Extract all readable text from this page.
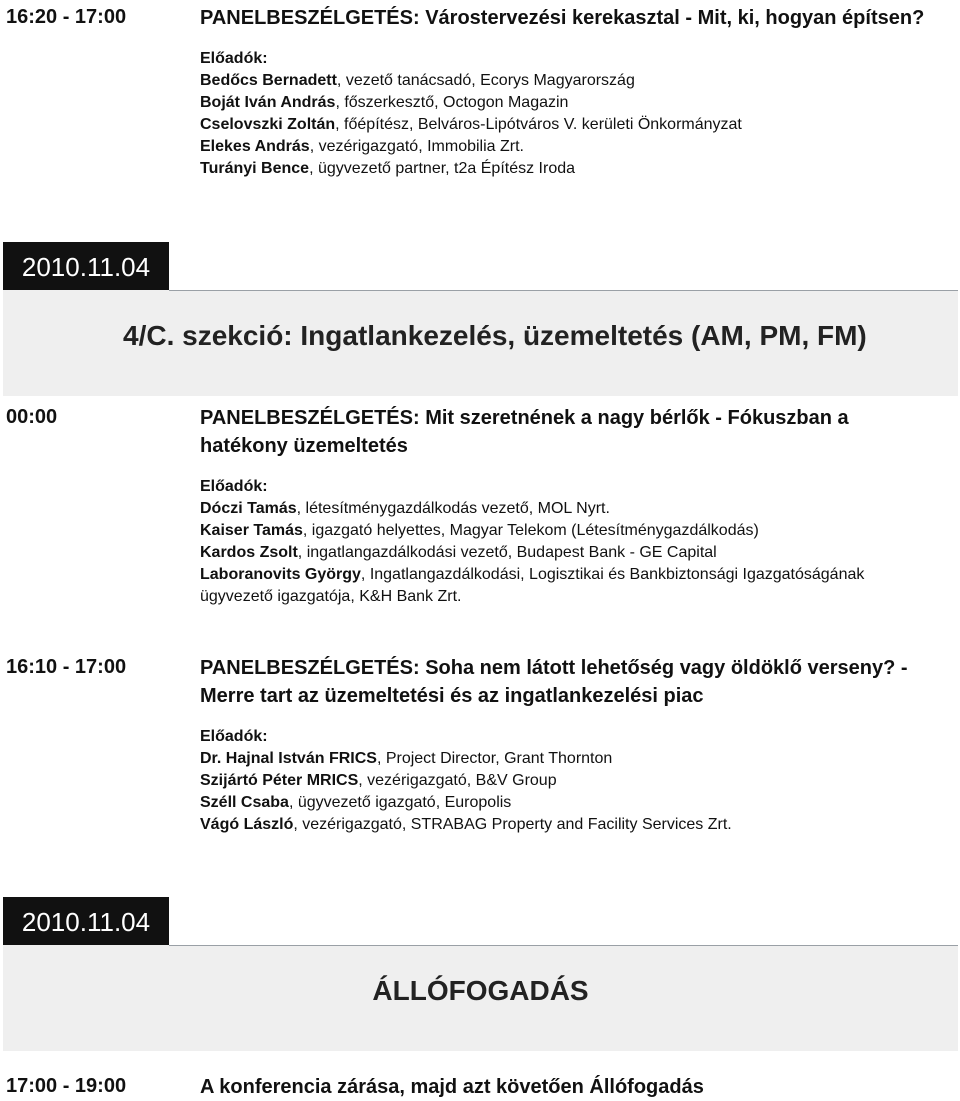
16:20 - 17:00	PANELBESZÉLGETÉS: Várostervezési kerekasztal - Mit, ki, hogyan építsen?

Előadók:

Bedőcs Bernadett, vezető tanácsadó, Ecorys Magyarország

Boját Iván András, főszerkesztő, Octogon Magazin

Cselovszki Zoltán, főépítész, Belváros-Lipótváros V. kerületi Önkormányzat

Elekes András, vezérigazgató, Immobilia Zrt.

Turányi Bence, ügyvezető partner, t2a Építész Iroda

2010.11.04
4/C. szekció: Ingatlankezelés, üzemeltetés (AM, PM, FM)
00:00	PANELBESZÉLGETÉS: Mit szeretnének a nagy bérlők - Fókuszban a hatékony üzemeltetés

Előadók:

Dóczi Tamás, létesítménygazdálkodás vezető, MOL Nyrt.

Kaiser Tamás, igazgató helyettes, Magyar Telekom (Létesítménygazdálkodás)

Kardos Zsolt, ingatlangazdálkodási vezető, Budapest Bank - GE Capital

Laboranovits György, Ingatlangazdálkodási, Logisztikai és Bankbiztonsági Igazgatóságának ügyvezető igazgatója, K&H Bank Zrt.

16:10 - 17:00	PANELBESZÉLGETÉS: Soha nem látott lehetőség vagy öldöklő verseny? - Merre tart az üzemeltetési és az ingatlankezelési piac

Előadók:

Dr. Hajnal István FRICS, Project Director, Grant Thornton

Szijártó Péter MRICS, vezérigazgató, B&V Group

Széll Csaba, ügyvezető igazgató, Europolis

Vágó László, vezérigazgató, STRABAG Property and Facility Services Zrt.

2010.11.04
ÁLLÓFOGADÁS
17:00 - 19:00	A konferencia zárása, majd azt követően Állófogadás
